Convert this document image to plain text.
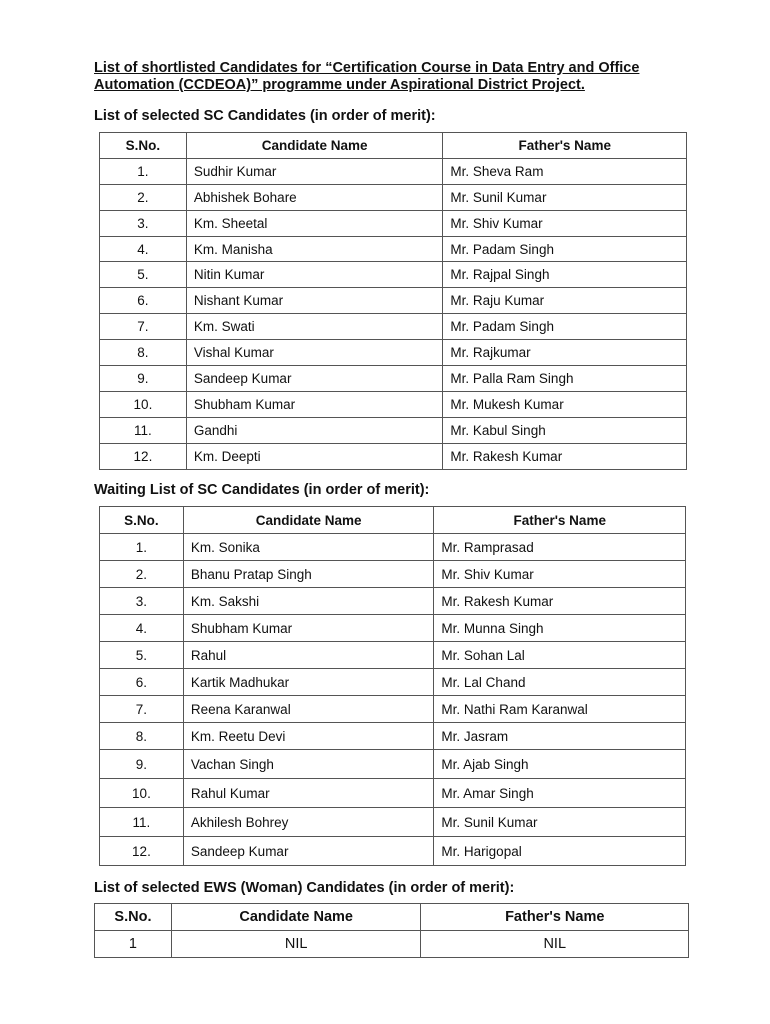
List of shortlisted Candidates for “Certification Course in Data Entry and Office Automation (CCDEOA)” programme under Aspirational District Project.
List of selected SC Candidates (in order of merit):
S.No.	Candidate Name	Father's Name
1.	Sudhir Kumar	Mr. Sheva Ram
2.	Abhishek Bohare	Mr. Sunil Kumar
3.	Km. Sheetal	Mr. Shiv Kumar
4.	Km. Manisha	Mr. Padam Singh
5.	Nitin Kumar	Mr. Rajpal Singh
6.	Nishant Kumar	Mr. Raju Kumar
7.	Km. Swati	Mr. Padam Singh
8.	Vishal Kumar	Mr. Rajkumar
9.	Sandeep Kumar	Mr. Palla Ram Singh
10.	Shubham Kumar	Mr. Mukesh Kumar
11.	Gandhi	Mr. Kabul Singh
12.	Km. Deepti	Mr. Rakesh Kumar
Waiting List of SC Candidates (in order of merit):
S.No.	Candidate Name	Father's Name
1.	Km. Sonika	Mr. Ramprasad
2.	Bhanu Pratap Singh	Mr. Shiv Kumar
3.	Km. Sakshi	Mr. Rakesh Kumar
4.	Shubham Kumar	Mr. Munna Singh
5.	Rahul	Mr. Sohan Lal
6.	Kartik Madhukar	Mr. Lal Chand
7.	Reena Karanwal	Mr. Nathi Ram Karanwal
8.	Km. Reetu Devi	Mr. Jasram
9.	Vachan Singh	Mr. Ajab Singh
10.	Rahul Kumar	Mr. Amar Singh
11.	Akhilesh Bohrey	Mr. Sunil Kumar
12.	Sandeep Kumar	Mr. Harigopal
List of selected EWS (Woman) Candidates (in order of merit):
S.No.	Candidate Name	Father's Name
1	NIL	NIL
